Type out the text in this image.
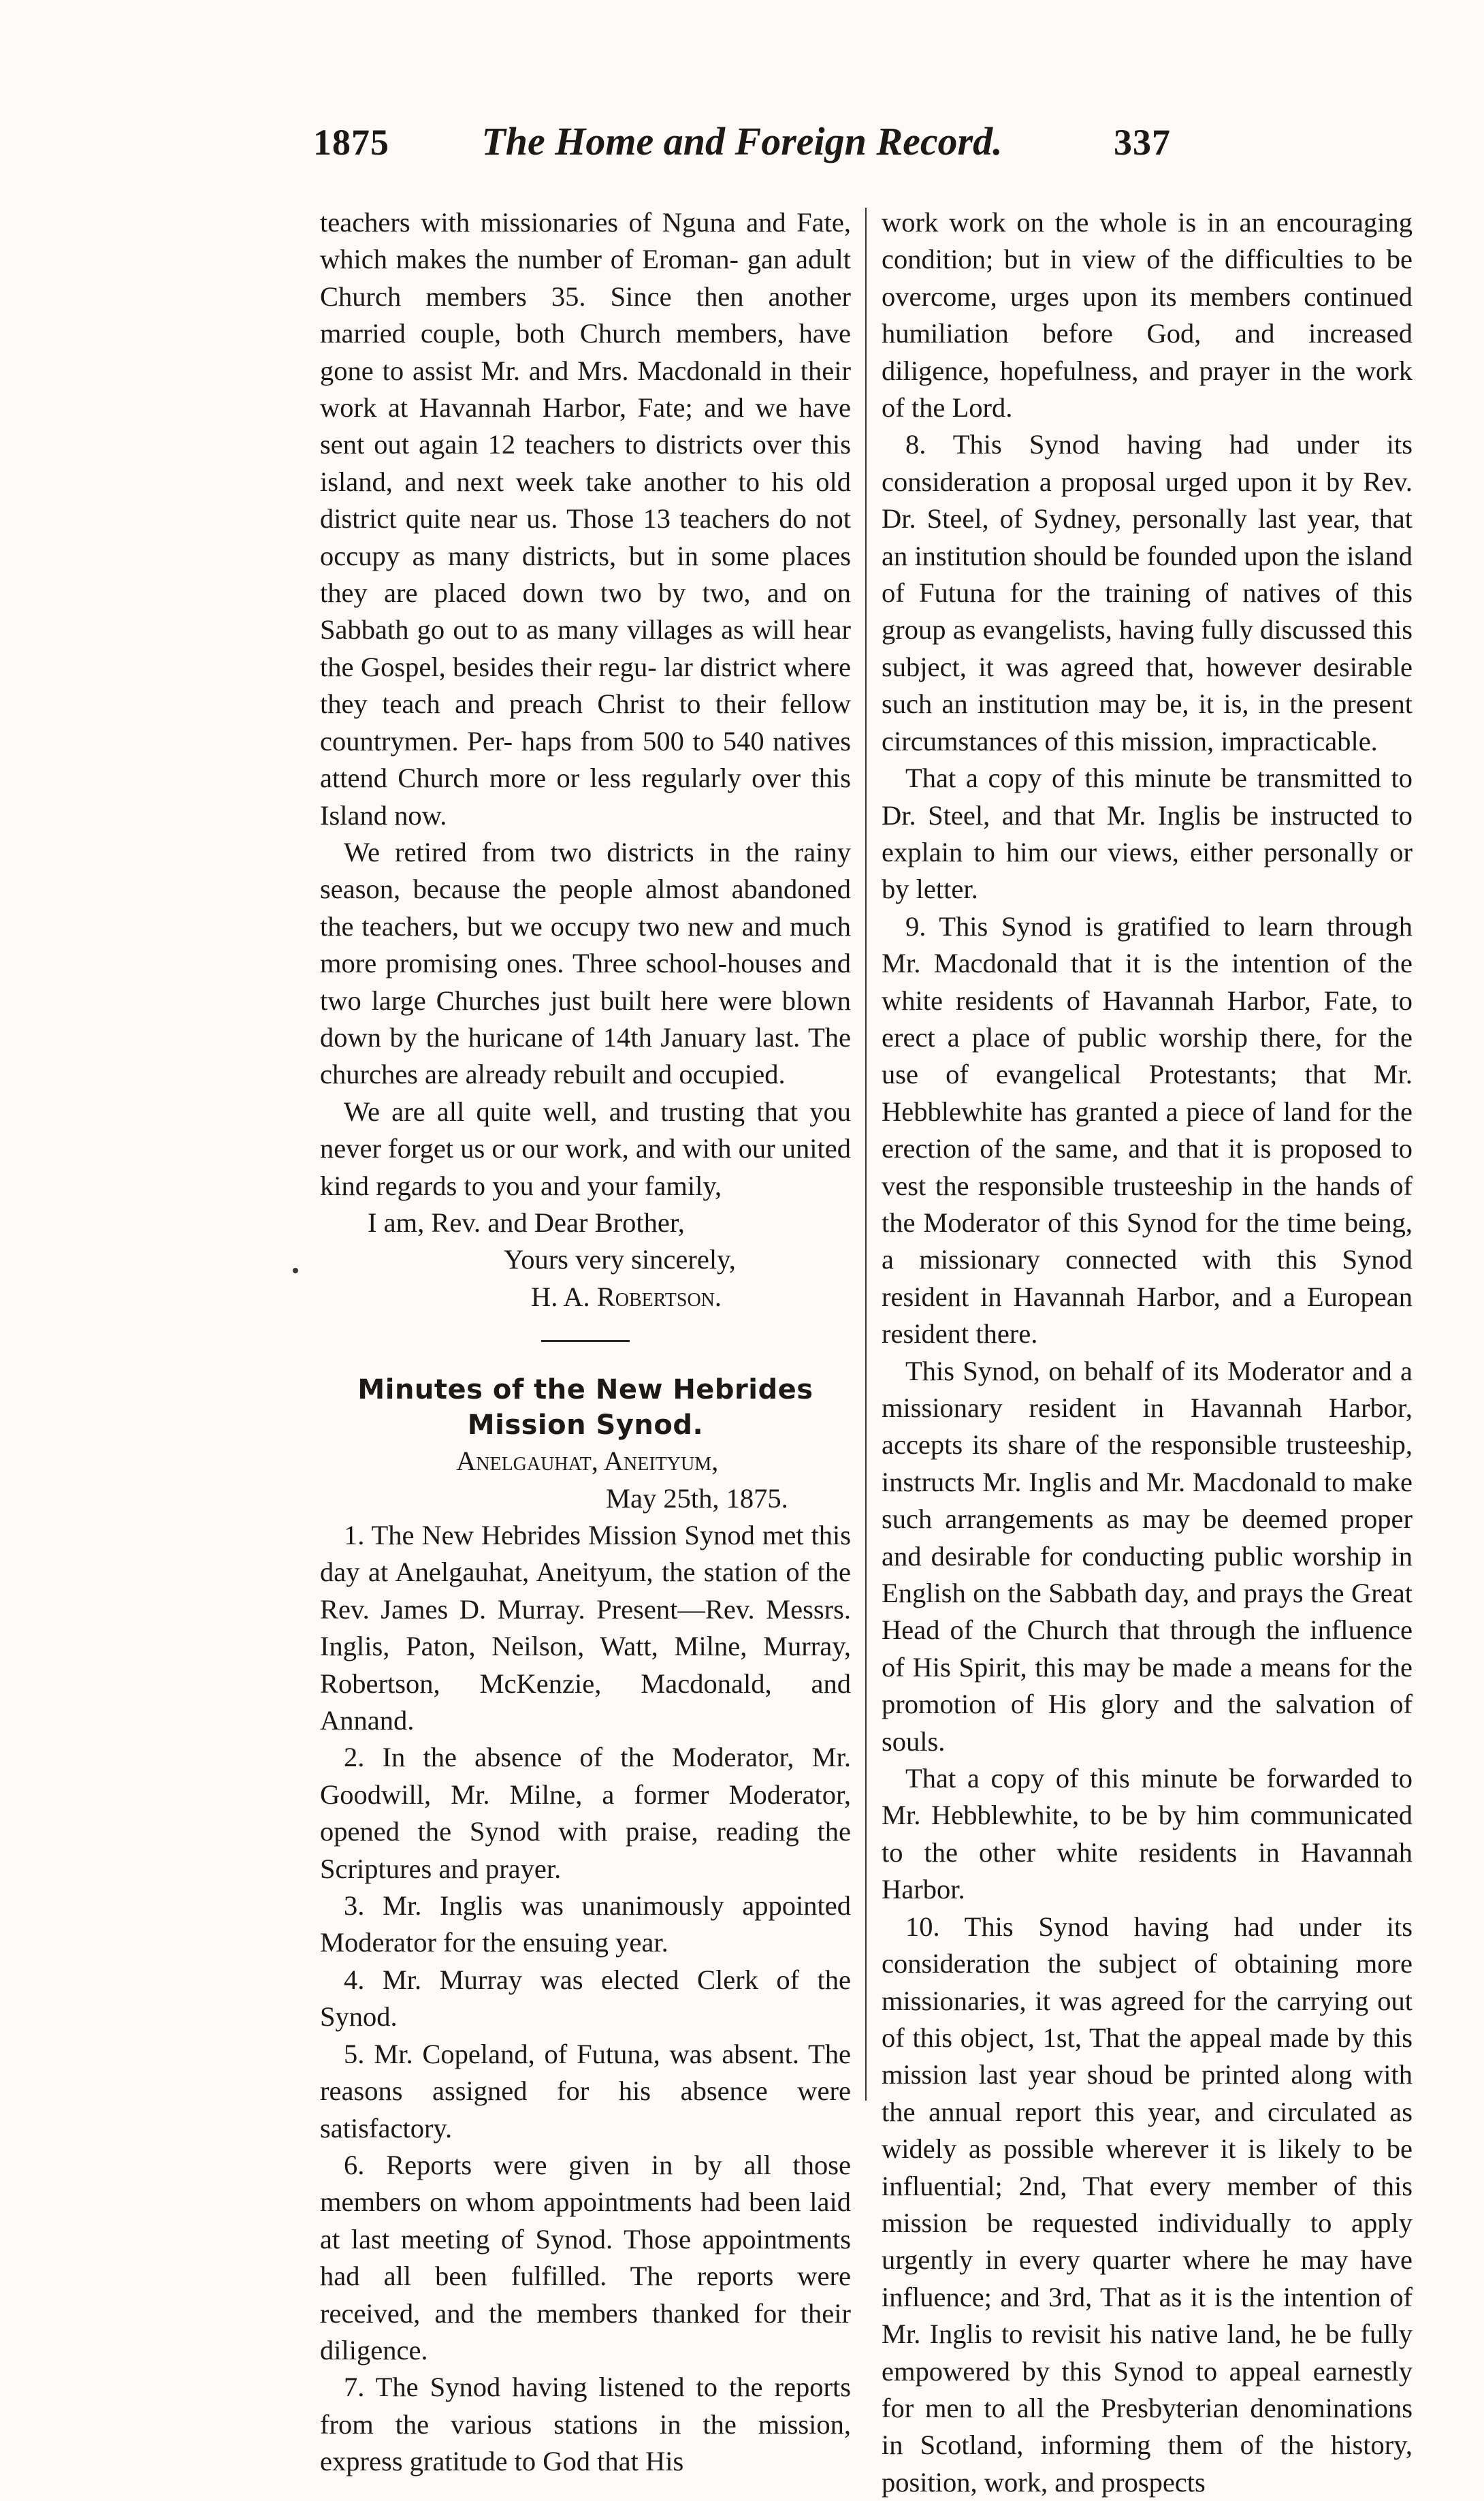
1875	The Home and Foreign Record.	337

teachers with missionaries of Nguna and Fate, which makes the number of Eroman- gan adult Church members 35. Since then another married couple, both Church members, have gone to assist Mr. and Mrs. Macdonald in their work at Havannah Harbor, Fate; and we have sent out again 12 teachers to districts over this island, and next week take another to his old district quite near us. Those 13 teachers do not occupy as many districts, but in some places they are placed down two by two, and on Sabbath go out to as many villages as will hear the Gospel, besides their regu- lar district where they teach and preach Christ to their fellow countrymen. Per- haps from 500 to 540 natives attend Church more or less regularly over this Island now.

We retired from two districts in the rainy season, because the people almost abandoned the teachers, but we occupy two new and much more promising ones. Three school-houses and two large Churches just built here were blown down by the huricane of 14th January last. The churches are already rebuilt and occupied.

We are all quite well, and trusting that you never forget us or our work, and with our united kind regards to you and your family,

I am, Rev. and Dear Brother,

Yours very sincerely,

H. A. Robertson.

Minutes of the New Hebrides Mission Synod.

Anelgauhat, Aneityum,

May 25th, 1875.

1. The New Hebrides Mission Synod met this day at Anelgauhat, Aneityum, the station of the Rev. James D. Murray. Present—Rev. Messrs. Inglis, Paton, Neilson, Watt, Milne, Murray, Robertson, McKenzie, Macdonald, and Annand.

2. In the absence of the Moderator, Mr. Goodwill, Mr. Milne, a former Moderator, opened the Synod with praise, reading the Scriptures and prayer.

3. Mr. Inglis was unanimously appointed Moderator for the ensuing year.

4. Mr. Murray was elected Clerk of the Synod.

5. Mr. Copeland, of Futuna, was absent. The reasons assigned for his absence were satisfactory.

6. Reports were given in by all those members on whom appointments had been laid at last meeting of Synod. Those appointments had all been fulfilled. The reports were received, and the members thanked for their diligence.

7. The Synod having listened to the reports from the various stations in the mission, express gratitude to God that His

work work on the whole is in an encouraging condition; but in view of the difficulties to be overcome, urges upon its members continued humiliation before God, and increased diligence, hopefulness, and prayer in the work of the Lord.

8. This Synod having had under its consideration a proposal urged upon it by Rev. Dr. Steel, of Sydney, personally last year, that an institution should be founded upon the island of Futuna for the training of natives of this group as evangelists, having fully discussed this subject, it was agreed that, however desirable such an institution may be, it is, in the present circumstances of this mission, impracticable.

That a copy of this minute be transmitted to Dr. Steel, and that Mr. Inglis be instructed to explain to him our views, either personally or by letter.

9. This Synod is gratified to learn through Mr. Macdonald that it is the intention of the white residents of Havannah Harbor, Fate, to erect a place of public worship there, for the use of evangelical Protestants; that Mr. Hebblewhite has granted a piece of land for the erection of the same, and that it is proposed to vest the responsible trusteeship in the hands of the Moderator of this Synod for the time being, a missionary connected with this Synod resident in Havannah Harbor, and a European resident there.

This Synod, on behalf of its Moderator and a missionary resident in Havannah Harbor, accepts its share of the responsible trusteeship, instructs Mr. Inglis and Mr. Macdonald to make such arrangements as may be deemed proper and desirable for conducting public worship in English on the Sabbath day, and prays the Great Head of the Church that through the influence of His Spirit, this may be made a means for the promotion of His glory and the salvation of souls.

That a copy of this minute be forwarded to Mr. Hebblewhite, to be by him communicated to the other white residents in Havannah Harbor.

10. This Synod having had under its consideration the subject of obtaining more missionaries, it was agreed for the carrying out of this object, 1st, That the appeal made by this mission last year shoud be printed along with the annual report this year, and circulated as widely as possible wherever it is likely to be influential; 2nd, That every member of this mission be requested individually to apply urgently in every quarter where he may have influence; and 3rd, That as it is the intention of Mr. Inglis to revisit his native land, he be fully empowered by this Synod to appeal earnestly for men to all the Presbyterian denominations in Scotland, informing them of the history, position, work, and prospects
